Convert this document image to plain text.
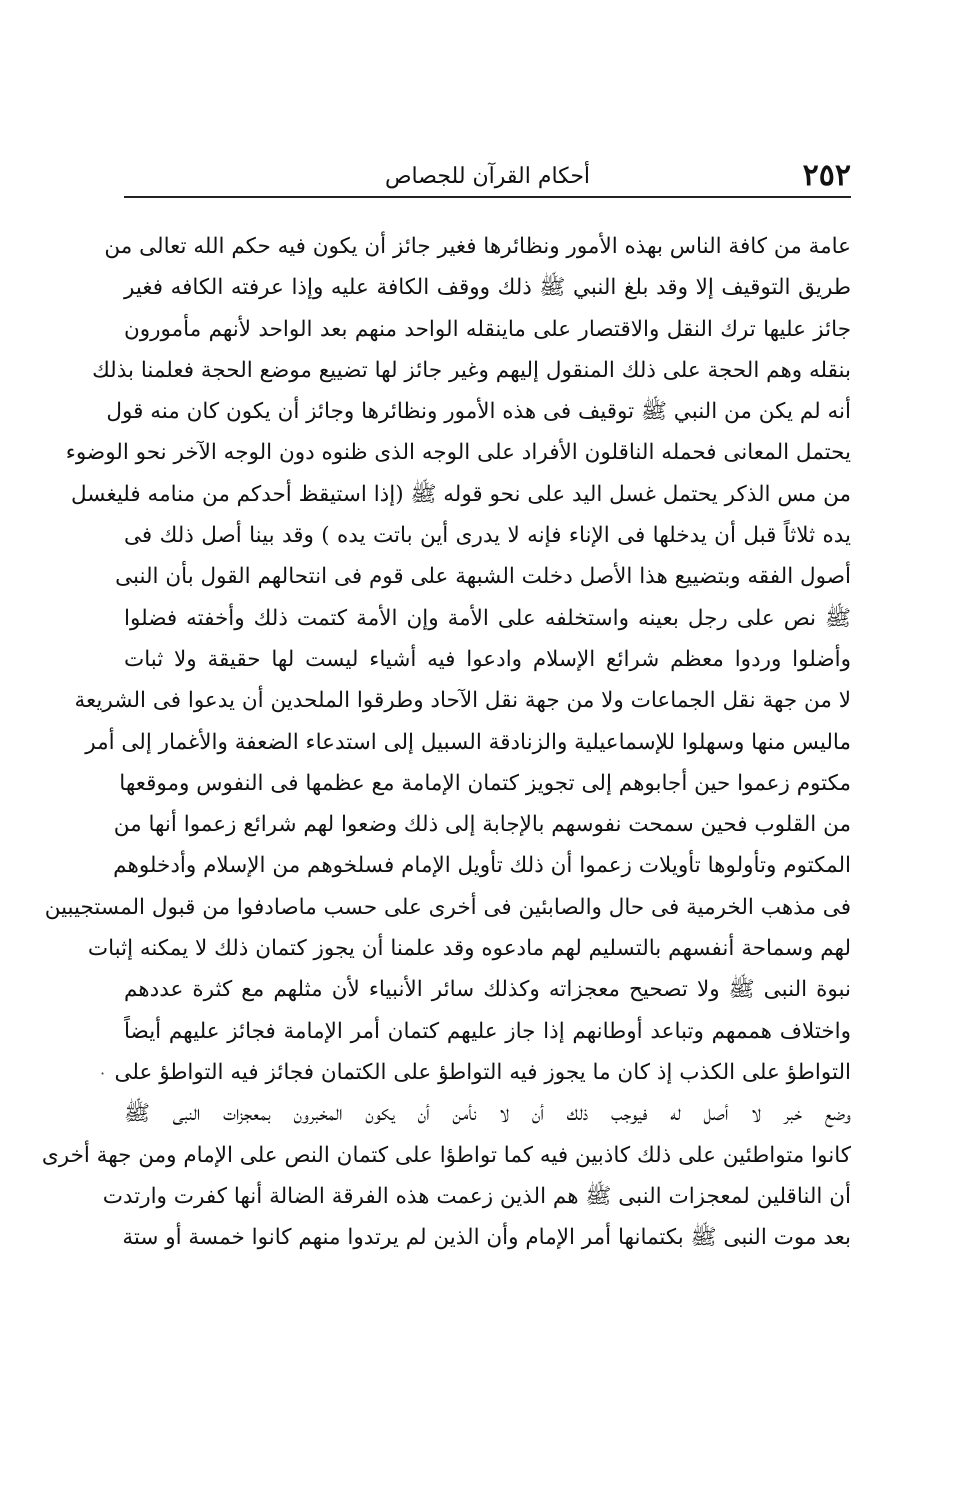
٢٥٢
أحكام القرآن للجصاص
عامة من كافة الناس بهذه الأمور ونظائرها فغير جائز أن يكون فيه حكم الله تعالى من
طريق التوقيف إلا وقد بلغ النبي ﷺ ذلك ووقف الكافة عليه وإذا عرفته الكافه فغير
جائز عليها ترك النقل والاقتصار على ماينقله الواحد منهم بعد الواحد لأنهم مأمورون
بنقله وهم الحجة على ذلك المنقول إليهم وغير جائز لها تضييع موضع الحجة فعلمنا بذلك
أنه لم يكن من النبي ﷺ توقيف فى هذه الأمور ونظائرها وجائز أن يكون كان منه قول
يحتمل المعانى فحمله الناقلون الأفراد على الوجه الذى ظنوه دون الوجه الآخر نحو الوضوء
من مس الذكر يحتمل غسل اليد على نحو قوله ﷺ (إذا استيقظ أحدكم من منامه فليغسل
يده ثلاثاً قبل أن يدخلها فى الإناء فإنه لا يدرى أين باتت يده ) وقد بينا أصل ذلك فى
أصول الفقه وبتضييع هذا الأصل دخلت الشبهة على قوم فى انتحالهم القول بأن النبى
ﷺ نص على رجل بعينه واستخلفه على الأمة وإن الأمة كتمت ذلك وأخفته فضلوا
وأضلوا وردوا معظم شرائع الإسلام وادعوا فيه أشياء ليست لها حقيقة ولا ثبات
لا من جهة نقل الجماعات ولا من جهة نقل الآحاد وطرقوا الملحدين أن يدعوا فى الشريعة
ماليس منها وسهلوا للإسماعيلية والزنادقة السبيل إلى استدعاء الضعفة والأغمار إلى أمر
مكتوم زعموا حين أجابوهم إلى تجويز كتمان الإمامة مع عظمها فى النفوس وموقعها
من القلوب فحين سمحت نفوسهم بالإجابة إلى ذلك وضعوا لهم شرائع زعموا أنها من
المكتوم وتأولوها تأويلات زعموا أن ذلك تأويل الإمام فسلخوهم من الإسلام وأدخلوهم
فى مذهب الخرمية فى حال والصابئين فى أخرى على حسب ماصادفوا من قبول المستجيبين
لهم وسماحة أنفسهم بالتسليم لهم مادعوه وقد علمنا أن يجوز كتمان ذلك لا يمكنه إثبات
نبوة النبى ﷺ ولا تصحيح معجزاته وكذلك سائر الأنبياء لأن مثلهم مع كثرة عددهم
واختلاف هممهم وتباعد أوطانهم إذا جاز عليهم كتمان أمر الإمامة فجائز عليهم أيضاً
التواطؤ على الكذب إذ كان ما يجوز فيه التواطؤ على الكتمان فجائز فيه التواطؤ على
وضع خبر لا أصل له فيوجب ذلك أن لا نأمن أن يكون المخبرون بمعجزات النبى ﷺ
كانوا متواطئين على ذلك كاذبين فيه كما تواطؤا على كتمان النص على الإمام ومن جهة أخرى
أن الناقلين لمعجزات النبى ﷺ هم الذين زعمت هذه الفرقة الضالة أنها كفرت وارتدت
بعد موت النبى ﷺ بكتمانها أمر الإمام وأن الذين لم يرتدوا منهم كانوا خمسة أو ستة
·
